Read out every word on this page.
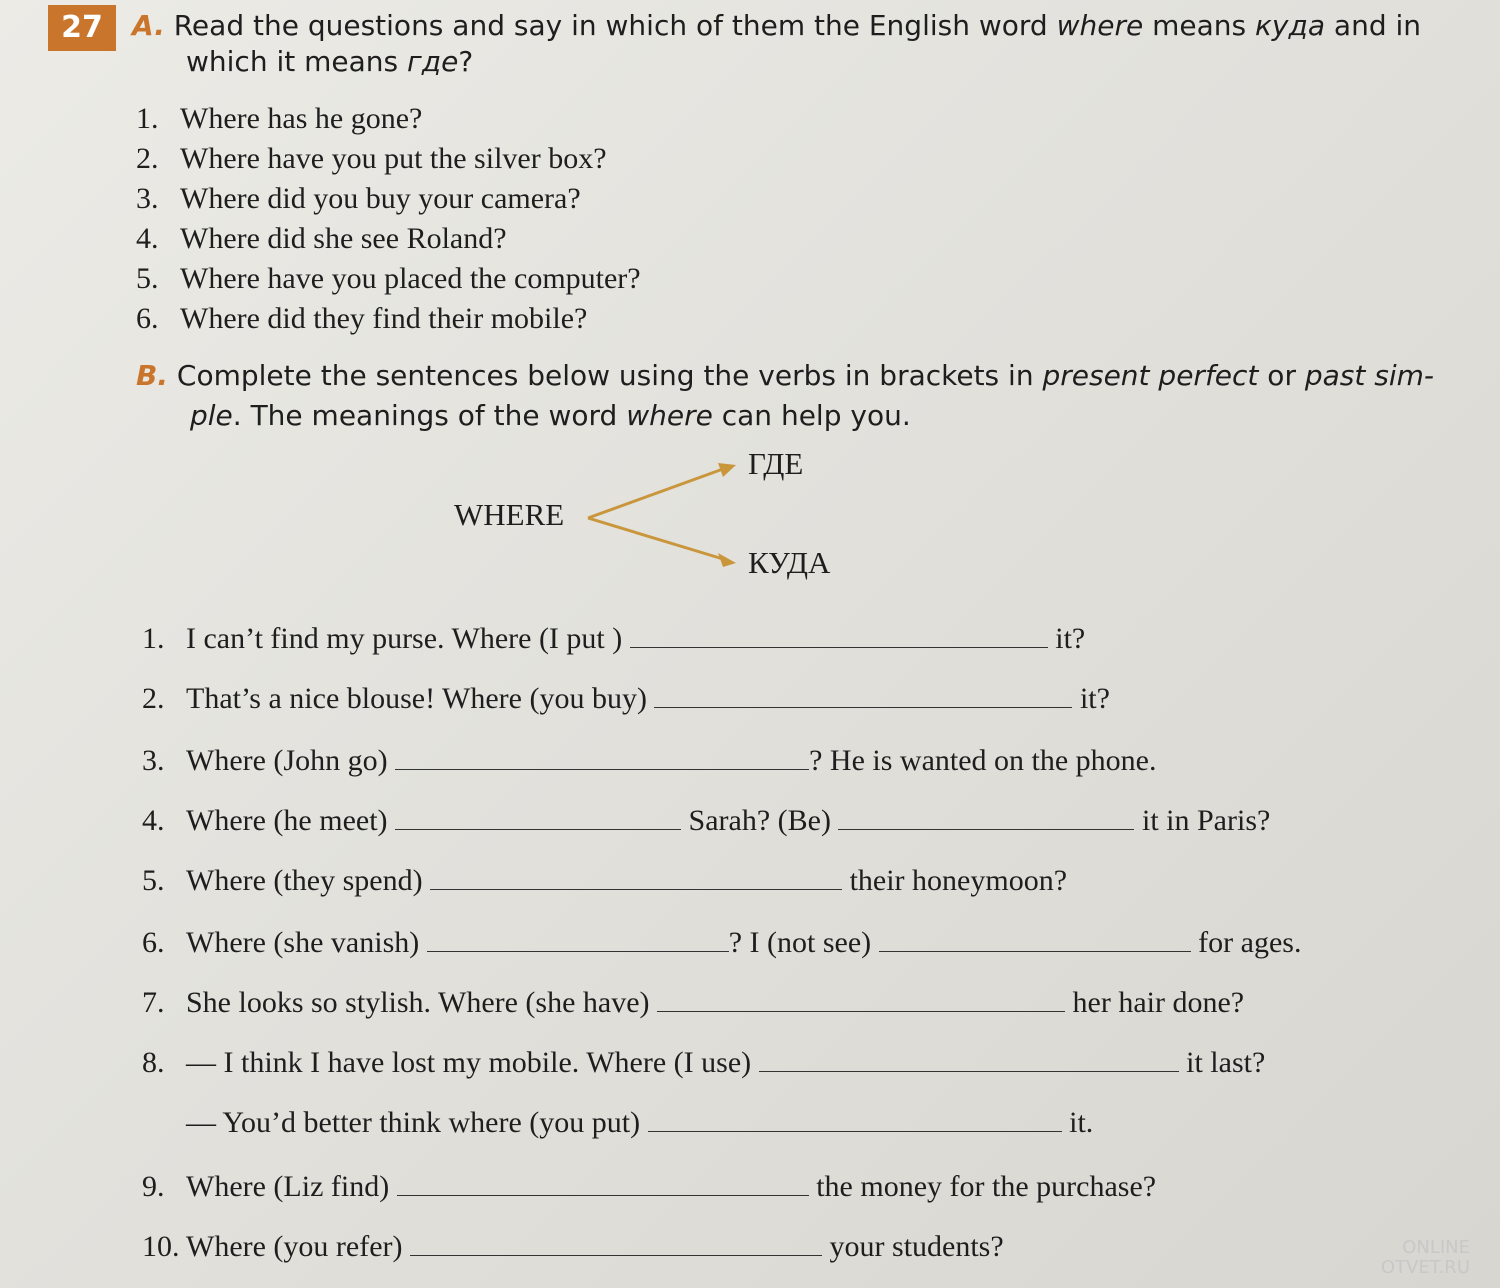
27	A. Read the questions and say in which of them the English word where means куда and in
which it means где?
1. Where has he gone?
2. Where have you put the silver box?
3. Where did you buy your camera?
4. Where did she see Roland?
5. Where have you placed the computer?
6. Where did they find their mobile?
B. Complete the sentences below using the verbs in brackets in present perfect or past sim-
ple. The meanings of the word where can help you.
WHERE
ГДЕ
КУДА
1. I can’t find my purse. Where (I put )	it?
2. That’s a nice blouse! Where (you buy)	it?
3. Where (John go)	? He is wanted on the phone.
4. Where (he meet)	Sarah? (Be)	it in Paris?
5. Where (they spend)	their honeymoon?
6. Where (she vanish)	? I (not see)	for ages.
7. She looks so stylish. Where (she have)	her hair done?
8. — I think I have lost my mobile. Where (I use)	it last?
— You’d better think where (you put)	it.
9. Where (Liz find)	the money for the purchase?
10. Where (you refer)	your students?	ONLINE
OTVET.RU
